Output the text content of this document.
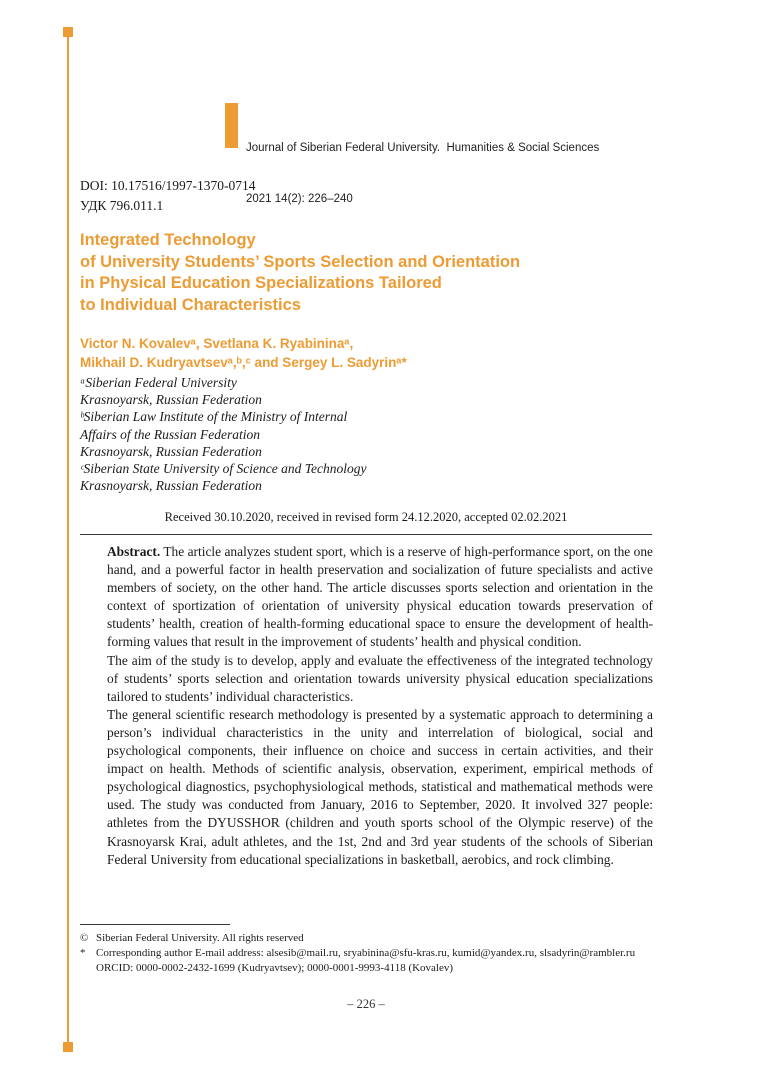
Journal of Siberian Federal University.  Humanities & Social Sciences

2021 14(2): 226–240

DOI: 10.17516/1997-1370-0714
УДК 796.011.1
Integrated Technology
of University Students’ Sports Selection and Orientation
in Physical Education Specializations Tailored
to Individual Characteristics
Victor N. Kovalevᵃ, Svetlana K. Ryabininaᵃ,
Mikhail D. Kudryavtsevᵃ,ᵇ,ᶜ and Sergey L. Sadyrinᵃ*
ᵃSiberian Federal University
Krasnoyarsk, Russian Federation
ᵇSiberian Law Institute of the Ministry of Internal
Affairs of the Russian Federation
Krasnoyarsk, Russian Federation
ᶜSiberian State University of Science and Technology
Krasnoyarsk, Russian Federation
Received 30.10.2020, received in revised form 24.12.2020, accepted 02.02.2021

Abstract. The article analyzes student sport, which is a reserve of high-performance sport, on the one hand, and a powerful factor in health preservation and socialization of future specialists and active members of society, on the other hand. The article discusses sports selection and orientation in the context of sportization of orientation of university physical education towards preservation of students’ health, creation of health-forming educational space to ensure the development of health-forming values that result in the improvement of students’ health and physical condition.

The aim of the study is to develop, apply and evaluate the effectiveness of the integrated technology of students’ sports selection and orientation towards university physical education specializations tailored to students’ individual characteristics.

The general scientific research methodology is presented by a systematic approach to determining a person’s individual characteristics in the unity and interrelation of biological, social and psychological components, their influence on choice and success in certain activities, and their impact on health. Methods of scientific analysis, observation, experiment, empirical methods of psychological diagnostics, psychophysiological methods, statistical and mathematical methods were used. The study was conducted from January, 2016 to September, 2020. It involved 327 people: athletes from the DYUSSHOR (children and youth sports school of the Olympic reserve) of the Krasnoyarsk Krai, adult athletes, and the 1st, 2nd and 3rd year students of the schools of Siberian Federal University from educational specializations in basketball, aerobics, and rock climbing.

© Siberian Federal University. All rights reserved
* Corresponding author E-mail address: alsesib@mail.ru, sryabinina@sfu-kras.ru, kumid@yandex.ru, slsadyrin@rambler.ru
ORCID: 0000-0002-2432-1699 (Kudryavtsev); 0000-0001-9993-4118 (Kovalev)
– 226 –
